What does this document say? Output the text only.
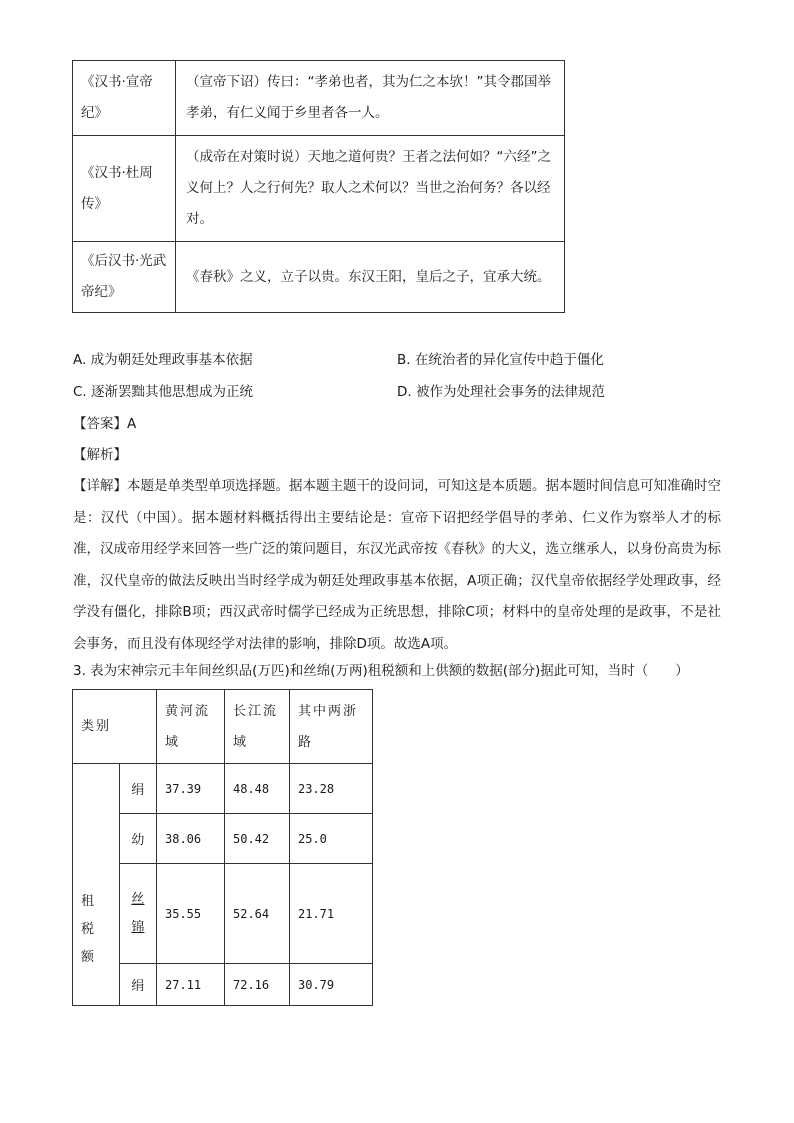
《汉书·宣帝纪》	（宣帝下诏）传曰：“孝弟也者，其为仁之本欤！”其令郡国举孝弟，有仁义闻于乡里者各一人。
《汉书·杜周传》	（成帝在对策时说）天地之道何贵？王者之法何如？“六经”之义何上？人之行何先？取人之术何以？当世之治何务？各以经对。
《后汉书·光武帝纪》	《春秋》之义，立子以贵。东汉王阳，皇后之子，宜承大统。
A. 成为朝廷处理政事基本依据	B. 在统治者的异化宣传中趋于僵化
C. 逐渐罢黜其他思想成为正统	D. 被作为处理社会事务的法律规范
【答案】A
【解析】
【详解】本题是单类型单项选择题。据本题主题干的设问词，可知这是本质题。据本题时间信息可知准确时空是：汉代（中国）。据本题材料概括得出主要结论是：宣帝下诏把经学倡导的孝弟、仁义作为察举人才的标准，汉成帝用经学来回答一些广泛的策问题目，东汉光武帝按《春秋》的大义，选立继承人，以身份高贵为标准，汉代皇帝的做法反映出当时经学成为朝廷处理政事基本依据，A项正确；汉代皇帝依据经学处理政事，经学没有僵化，排除B项；西汉武帝时儒学已经成为正统思想，排除C项；材料中的皇帝处理的是政事，不是社会事务，而且没有体现经学对法律的影响，排除D项。故选A项。
3. 表为宋神宗元丰年间丝织品(万匹)和丝绵(万两)租税额和上供额的数据(部分)据此可知，当时（　　）
类别		黄河流域	长江流域	其中两浙路

租税额	绢	37.39	48.48	23.28
	幼	38.06	50.42	25.0

	丝锦	35.55	52.64	21.71
	绢	27.11	72.16	30.79
